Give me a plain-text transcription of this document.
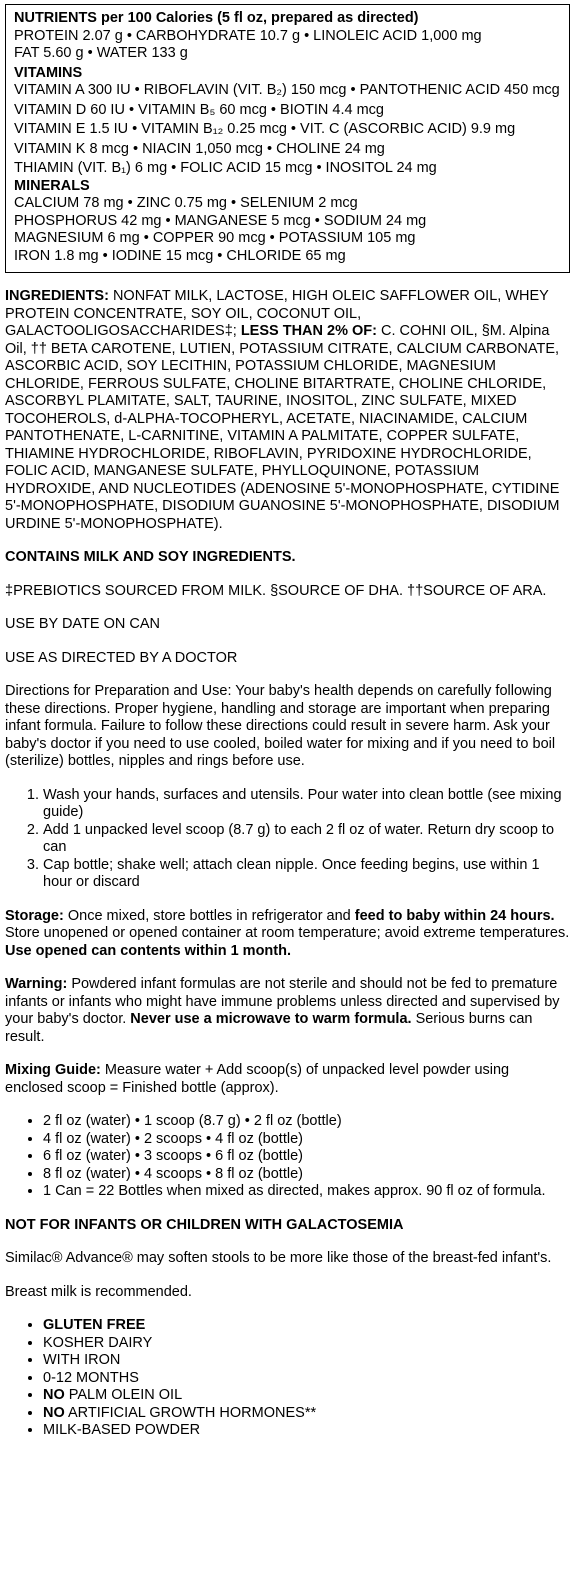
NUTRIENTS per 100 Calories (5 fl oz, prepared as directed)
PROTEIN 2.07 g • CARBOHYDRATE 10.7 g • LINOLEIC ACID 1,000 mg
FAT 5.60 g • WATER 133 g
VITAMINS
VITAMIN A 300 IU • RIBOFLAVIN (VIT. B₂) 150 mcg • PANTOTHENIC ACID 450 mcg
VITAMIN D 60 IU • VITAMIN B₅ 60 mcg • BIOTIN 4.4 mcg
VITAMIN E 1.5 IU • VITAMIN B₁₂ 0.25 mcg • VIT. C (ASCORBIC ACID) 9.9 mg
VITAMIN K 8 mcg • NIACIN 1,050 mcg • CHOLINE 24 mg
THIAMIN (VIT. B₁) 6 mg • FOLIC ACID 15 mcg • INOSITOL 24 mg
MINERALS
CALCIUM 78 mg • ZINC 0.75 mg • SELENIUM 2 mcg
PHOSPHORUS 42 mg • MANGANESE 5 mcg • SODIUM 24 mg
MAGNESIUM 6 mg • COPPER 90 mcg • POTASSIUM 105 mg
IRON 1.8 mg • IODINE 15 mcg • CHLORIDE 65 mg

INGREDIENTS: NONFAT MILK, LACTOSE, HIGH OLEIC SAFFLOWER OIL, WHEY PROTEIN CONCENTRATE, SOY OIL, COCONUT OIL, GALACTOOLIGOSACCHARIDES‡; LESS THAN 2% OF: C. COHNI OIL, §M. Alpina Oil, †† BETA CAROTENE, LUTIEN, POTASSIUM CITRATE, CALCIUM CARBONATE, ASCORBIC ACID, SOY LECITHIN, POTASSIUM CHLORIDE, MAGNESIUM CHLORIDE, FERROUS SULFATE, CHOLINE BITARTRATE, CHOLINE CHLORIDE, ASCORBYL PLAMITATE, SALT, TAURINE, INOSITOL, ZINC SULFATE, MIXED TOCOHEROLS, d-ALPHA-TOCOPHERYL, ACETATE, NIACINAMIDE, CALCIUM PANTOTHENATE, L-CARNITINE, VITAMIN A PALMITATE, COPPER SULFATE, THIAMINE HYDROCHLORIDE, RIBOFLAVIN, PYRIDOXINE HYDROCHLORIDE, FOLIC ACID, MANGANESE SULFATE, PHYLLOQUINONE, POTASSIUM HYDROXIDE, AND NUCLEOTIDES (ADENOSINE 5'-MONOPHOSPHATE, CYTIDINE 5'-MONOPHOSPHATE, DISODIUM GUANOSINE 5'-MONOPHOSPHATE, DISODIUM URDINE 5'-MONOPHOSPHATE).

CONTAINS MILK AND SOY INGREDIENTS.

‡PREBIOTICS SOURCED FROM MILK. §SOURCE OF DHA. ††SOURCE OF ARA.

USE BY DATE ON CAN

USE AS DIRECTED BY A DOCTOR

Directions for Preparation and Use: Your baby's health depends on carefully following these directions. Proper hygiene, handling and storage are important when preparing infant formula. Failure to follow these directions could result in severe harm. Ask your baby's doctor if you need to use cooled, boiled water for mixing and if you need to boil (sterilize) bottles, nipples and rings before use.

1. Wash your hands, surfaces and utensils. Pour water into clean bottle (see mixing guide)
2. Add 1 unpacked level scoop (8.7 g) to each 2 fl oz of water. Return dry scoop to can
3. Cap bottle; shake well; attach clean nipple. Once feeding begins, use within 1 hour or discard

Storage: Once mixed, store bottles in refrigerator and feed to baby within 24 hours. Store unopened or opened container at room temperature; avoid extreme temperatures. Use opened can contents within 1 month.

Warning: Powdered infant formulas are not sterile and should not be fed to premature infants or infants who might have immune problems unless directed and supervised by your baby's doctor. Never use a microwave to warm formula. Serious burns can result.

Mixing Guide: Measure water + Add scoop(s) of unpacked level powder using enclosed scoop = Finished bottle (approx).

• 2 fl oz (water) • 1 scoop (8.7 g) • 2 fl oz (bottle)
• 4 fl oz (water) • 2 scoops • 4 fl oz (bottle)
• 6 fl oz (water) • 3 scoops • 6 fl oz (bottle)
• 8 fl oz (water) • 4 scoops • 8 fl oz (bottle)
• 1 Can = 22 Bottles when mixed as directed, makes approx. 90 fl oz of formula.

NOT FOR INFANTS OR CHILDREN WITH GALACTOSEMIA

Similac® Advance® may soften stools to be more like those of the breast-fed infant's.

Breast milk is recommended.

• GLUTEN FREE
• KOSHER DAIRY
• WITH IRON
• 0-12 MONTHS
• NO PALM OLEIN OIL
• NO ARTIFICIAL GROWTH HORMONES**
• MILK-BASED POWDER
